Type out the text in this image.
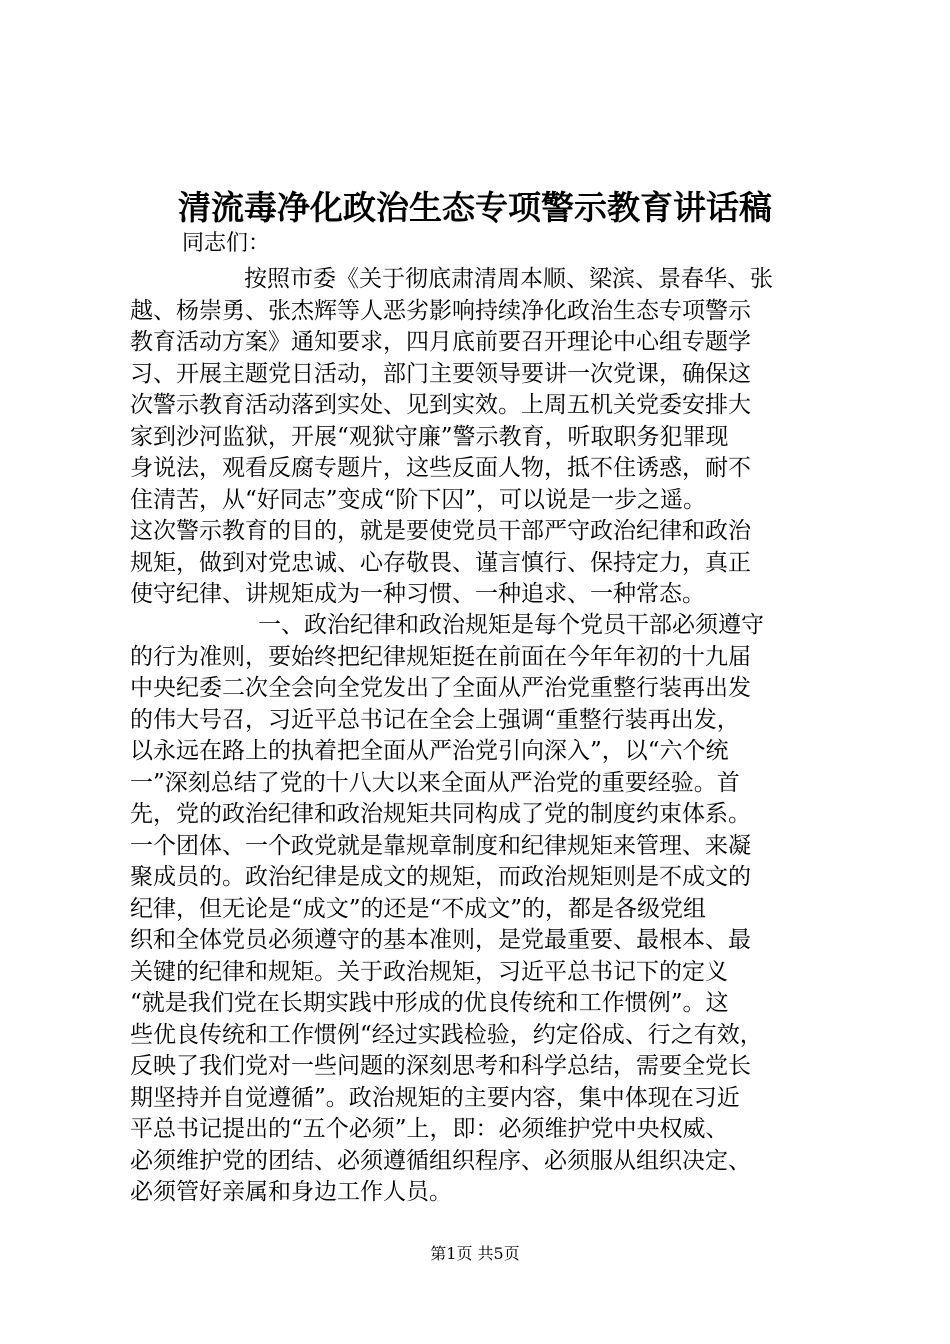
清流毒净化政治生态专项警示教育讲话稿
同志们：
按照市委《关于彻底肃清周本顺、梁滨、景春华、张
越、杨崇勇、张杰辉等人恶劣影响持续净化政治生态专项警示
教育活动方案》通知要求，四月底前要召开理论中心组专题学
习、开展主题党日活动，部门主要领导要讲一次党课，确保这
次警示教育活动落到实处、见到实效。上周五机关党委安排大
家到沙河监狱，开展“观狱守廉”警示教育，听取职务犯罪现
身说法，观看反腐专题片，这些反面人物，抵不住诱惑，耐不
住清苦，从“好同志”变成“阶下囚”，可以说是一步之遥。
这次警示教育的目的，就是要使党员干部严守政治纪律和政治
规矩，做到对党忠诚、心存敬畏、谨言慎行、保持定力，真正
使守纪律、讲规矩成为一种习惯、一种追求、一种常态。
一、政治纪律和政治规矩是每个党员干部必须遵守
的行为准则，要始终把纪律规矩挺在前面在今年年初的十九届
中央纪委二次全会向全党发出了全面从严治党重整行装再出发
的伟大号召，习近平总书记在全会上强调“重整行装再出发，
以永远在路上的执着把全面从严治党引向深入”，以“六个统
一”深刻总结了党的十八大以来全面从严治党的重要经验。首
先，党的政治纪律和政治规矩共同构成了党的制度约束体系。
一个团体、一个政党就是靠规章制度和纪律规矩来管理、来凝
聚成员的。政治纪律是成文的规矩，而政治规矩则是不成文的
纪律，但无论是“成文”的还是“不成文”的，都是各级党组
织和全体党员必须遵守的基本准则，是党最重要、最根本、最
关键的纪律和规矩。关于政治规矩，习近平总书记下的定义
“就是我们党在长期实践中形成的优良传统和工作惯例”。这
些优良传统和工作惯例“经过实践检验，约定俗成、行之有效，
反映了我们党对一些问题的深刻思考和科学总结，需要全党长
期坚持并自觉遵循”。政治规矩的主要内容，集中体现在习近
平总书记提出的“五个必须”上，即：必须维护党中央权威、
必须维护党的团结、必须遵循组织程序、必须服从组织决定、
必须管好亲属和身边工作人员。
第1页 共5页
